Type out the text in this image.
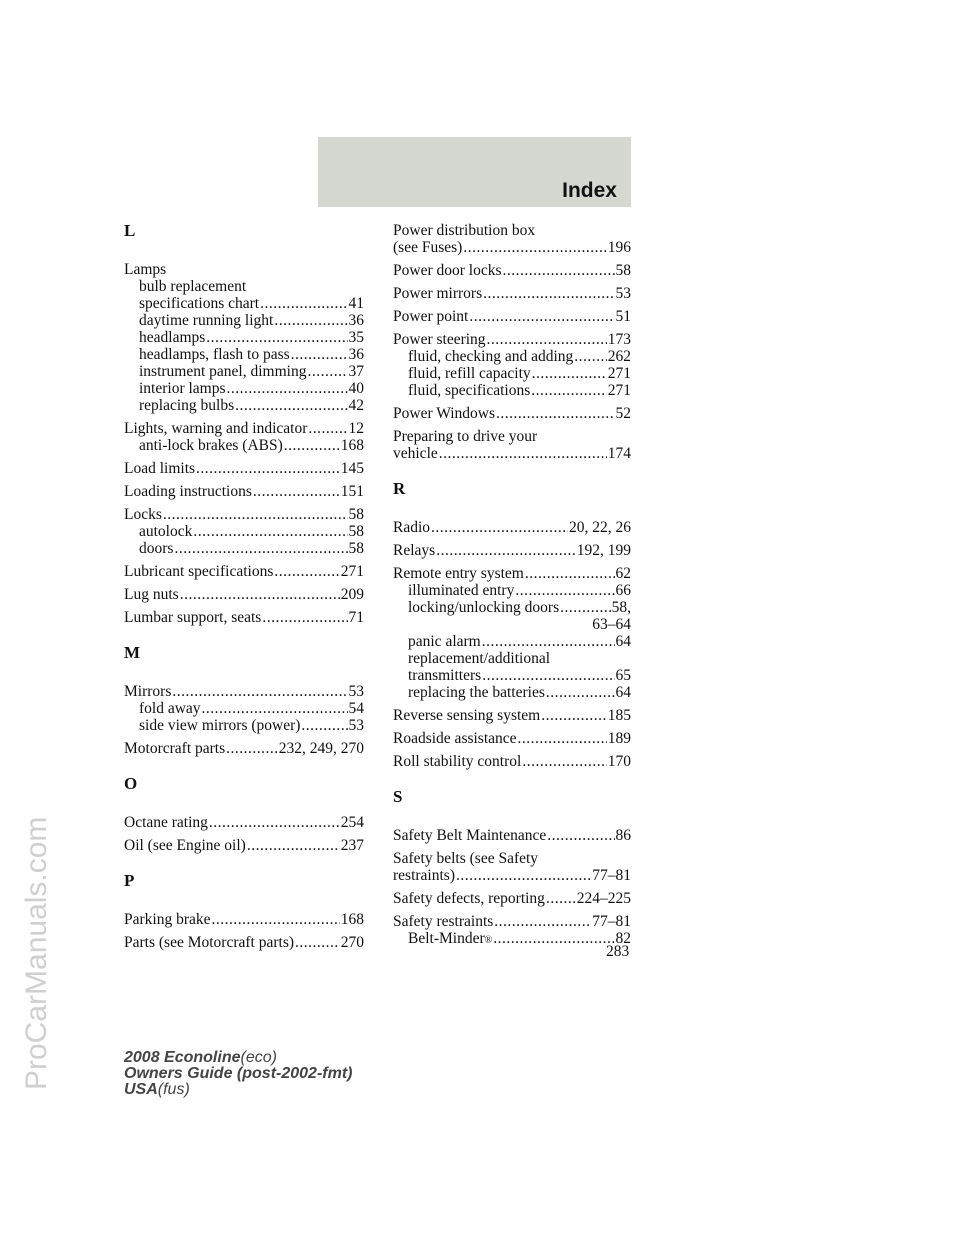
Index
L
Lamps
bulb replacement
specifications chart .....	41
daytime running light .....	36
headlamps .....	35
headlamps, flash to pass .....	36
instrument panel, dimming .....	37
interior lamps .....	40
replacing bulbs .....	42
Lights, warning and indicator .....	12
anti-lock brakes (ABS) .....	168
Load limits .....	145
Loading instructions .....	151
Locks .....	58
autolock .....	58
doors .....	58
Lubricant specifications .....	271
Lug nuts .....	209
Lumbar support, seats .....	71
M
Mirrors .....	53
fold away .....	54
side view mirrors (power) .....	53
Motorcraft parts .....	232, 249, 270
O
Octane rating .....	254
Oil (see Engine oil) .....	237
P
Parking brake .....	168
Parts (see Motorcraft parts) .....	270
Power distribution box
(see Fuses) .....	196
Power door locks .....	58
Power mirrors .....	53
Power point .....	51
Power steering .....	173
fluid, checking and adding ..... 262
fluid, refill capacity .....	271
fluid, specifications .....	271
Power Windows .....	52
Preparing to drive your
vehicle .....	174
R
Radio .....	20, 22, 26
Relays .....	192, 199
Remote entry system .....	62
illuminated entry .....	66
locking/unlocking doors .....	58,
63–64
panic alarm .....	64
replacement/additional
transmitters .....	65
replacing the batteries .....	64
Reverse sensing system .....	185
Roadside assistance .....	189
Roll stability control .....	170
S
Safety Belt Maintenance .....	86
Safety belts (see Safety
restraints) .....	77–81
Safety defects, reporting ..... 224–225
Safety restraints .....	77–81
Belt-Minder ® .....	82
283
2008 Econoline(eco)
Owners Guide (post-2002-fmt)
USA(fus)
ProCarManuals.com
